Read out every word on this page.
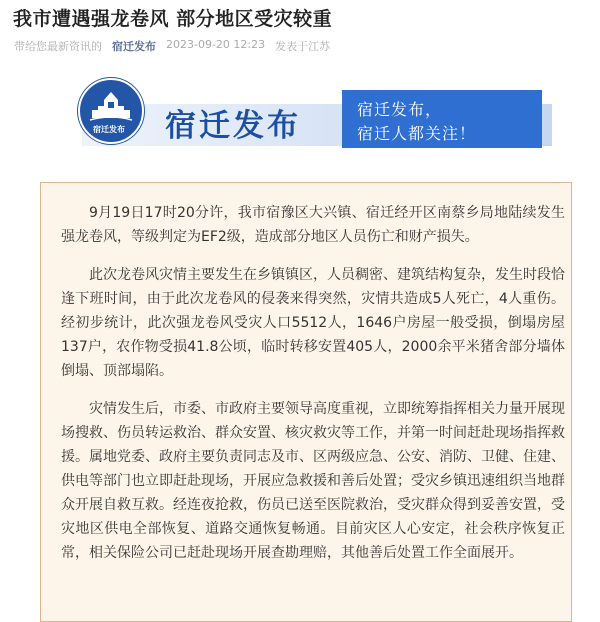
我市遭遇强龙卷风 部分地区受灾较重
带给您最新资讯的 宿迁发布 2023-09-20 12:23 发表于江苏
宿迁发布	宿迁发布	宿迁发布，
宿迁人都关注！

9月19日17时20分许，我市宿豫区大兴镇、宿迁经开区南蔡乡局地陆续发生强龙卷风，等级判定为EF2级，造成部分地区人员伤亡和财产损失。

此次龙卷风灾情主要发生在乡镇镇区，人员稠密、建筑结构复杂，发生时段恰逢下班时间，由于此次龙卷风的侵袭来得突然，灾情共造成5人死亡，4人重伤。经初步统计，此次强龙卷风受灾人口5512人，1646户房屋一般受损，倒塌房屋137户，农作物受损41.8公顷，临时转移安置405人，2000余平米猪舍部分墙体倒塌、顶部塌陷。

灾情发生后，市委、市政府主要领导高度重视，立即统筹指挥相关力量开展现场搜救、伤员转运救治、群众安置、核灾救灾等工作，并第一时间赶赴现场指挥救援。属地党委、政府主要负责同志及市、区两级应急、公安、消防、卫健、住建、供电等部门也立即赶赴现场，开展应急救援和善后处置；受灾乡镇迅速组织当地群众开展自救互救。经连夜抢救，伤员已送至医院救治，受灾群众得到妥善安置，受灾地区供电全部恢复、道路交通恢复畅通。目前灾区人心安定，社会秩序恢复正常，相关保险公司已赶赴现场开展查勘理赔，其他善后处置工作全面展开。
